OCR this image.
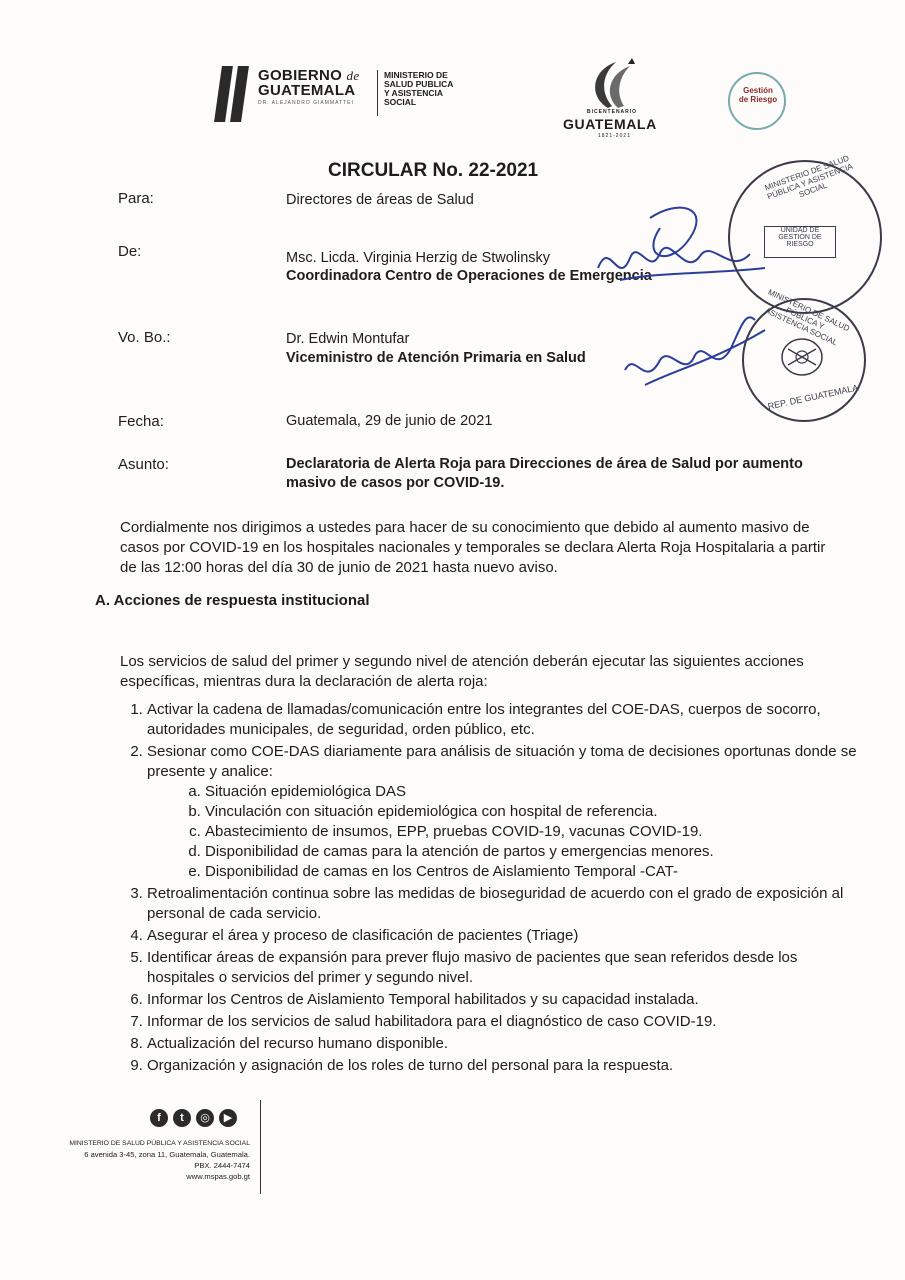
GOBIERNO de
GUATEMALA
DR. ALEJANDRO GIAMMATTEI
MINISTERIO DE
SALUD PUBLICA
Y ASISTENCIA
SOCIAL
BICENTENARIO
GUATEMALA
1821-2021
Gestión de Riesgo
CIRCULAR No. 22-2021
Para:	Directores de áreas de Salud
De:	Msc. Licda. Virginia Herzig de Stwolinsky
Coordinadora Centro de Operaciones de Emergencia
Vo. Bo.:	Dr. Edwin Montufar
Viceministro de Atención Primaria en Salud
Fecha:	Guatemala, 29 de junio de 2021
Asunto:	Declaratoria de Alerta Roja para Direcciones de área de Salud por aumento masivo de casos por COVID-19.
MINISTERIO DE SALUD PÚBLICA Y ASISTENCIA SOCIAL
UNIDAD DE GESTIÓN DE RIESGO
MINISTERIO DE SALUD PÚBLICA Y ASISTENCIA SOCIAL
REP. DE GUATEMALA
Cordialmente nos dirigimos a ustedes para hacer de su conocimiento que debido al aumento masivo de casos por COVID-19 en los hospitales nacionales y temporales se declara Alerta Roja Hospitalaria a partir de las 12:00 horas del día 30 de junio de 2021 hasta nuevo aviso.
A. Acciones de respuesta institucional
Los servicios de salud del primer y segundo nivel de atención deberán ejecutar las siguientes acciones específicas, mientras dura la declaración de alerta roja:
1. Activar la cadena de llamadas/comunicación entre los integrantes del COE-DAS, cuerpos de socorro, autoridades municipales, de seguridad, orden público, etc.
2. Sesionar como COE-DAS diariamente para análisis de situación y toma de decisiones oportunas donde se presente y analice:
a. Situación epidemiológica DAS
b. Vinculación con situación epidemiológica con hospital de referencia.
c. Abastecimiento de insumos, EPP, pruebas COVID-19, vacunas COVID-19.
d. Disponibilidad de camas para la atención de partos y emergencias menores.
e. Disponibilidad de camas en los Centros de Aislamiento Temporal -CAT-
3. Retroalimentación continua sobre las medidas de bioseguridad de acuerdo con el grado de exposición al personal de cada servicio.
4. Asegurar el área y proceso de clasificación de pacientes (Triage)
5. Identificar áreas de expansión para prever flujo masivo de pacientes que sean referidos desde los hospitales o servicios del primer y segundo nivel.
6. Informar los Centros de Aislamiento Temporal habilitados y su capacidad instalada.
7. Informar de los servicios de salud habilitadora para el diagnóstico de caso COVID-19.
8. Actualización del recurso humano disponible.
9. Organización y asignación de los roles de turno del personal para la respuesta.
f t ◎ ▶
MINISTERIO DE SALUD PÚBLICA Y ASISTENCIA SOCIAL
6 avenida 3-45, zona 11, Guatemala, Guatemala.
PBX. 2444-7474
www.mspas.gob.gt
